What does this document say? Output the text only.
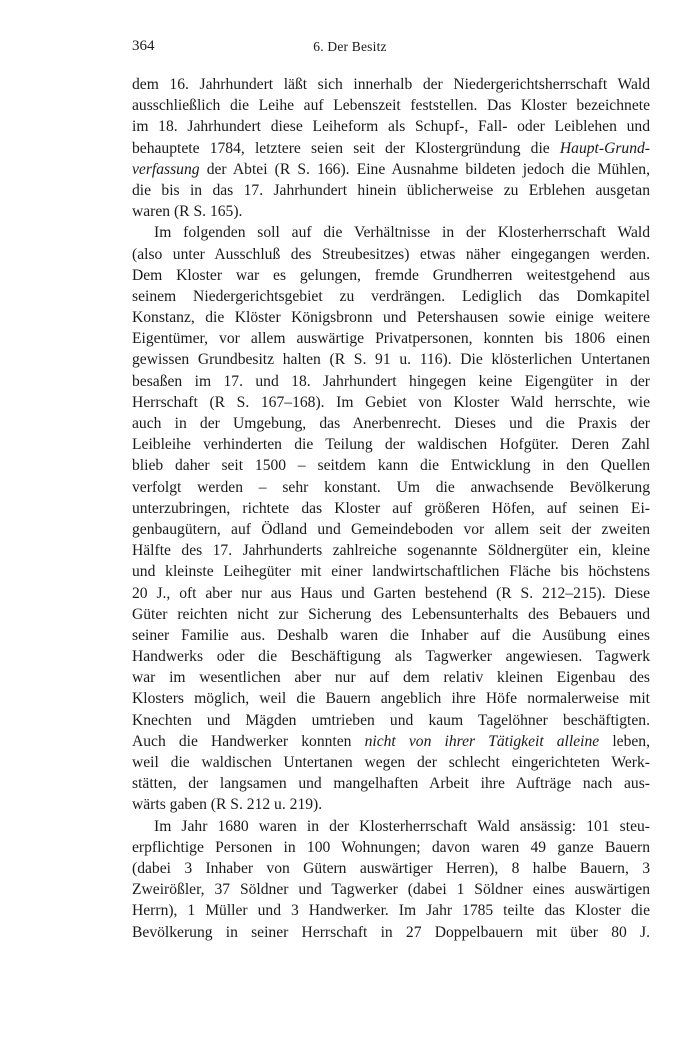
364	6. Der Besitz
dem 16. Jahrhundert läßt sich innerhalb der Niedergerichtsherrschaft Wald
ausschließlich die Leihe auf Lebenszeit feststellen. Das Kloster bezeichnete
im 18. Jahrhundert diese Leiheform als Schupf-, Fall- oder Leiblehen und
behauptete 1784, letztere seien seit der Klostergründung die Haupt-Grund-
verfassung der Abtei (R S. 166). Eine Ausnahme bildeten jedoch die Mühlen,
die bis in das 17. Jahrhundert hinein üblicherweise zu Erblehen ausgetan
waren (R S. 165).
Im folgenden soll auf die Verhältnisse in der Klosterherrschaft Wald
(also unter Ausschluß des Streubesitzes) etwas näher eingegangen werden.
Dem Kloster war es gelungen, fremde Grundherren weitestgehend aus
seinem Niedergerichtsgebiet zu verdrängen. Lediglich das Domkapitel
Konstanz, die Klöster Königsbronn und Petershausen sowie einige weitere
Eigentümer, vor allem auswärtige Privatpersonen, konnten bis 1806 einen
gewissen Grundbesitz halten (R S. 91 u. 116). Die klösterlichen Untertanen
besaßen im 17. und 18. Jahrhundert hingegen keine Eigengüter in der
Herrschaft (R S. 167–168). Im Gebiet von Kloster Wald herrschte, wie
auch in der Umgebung, das Anerbenrecht. Dieses und die Praxis der
Leibleihe verhinderten die Teilung der waldischen Hofgüter. Deren Zahl
blieb daher seit 1500 – seitdem kann die Entwicklung in den Quellen
verfolgt werden – sehr konstant. Um die anwachsende Bevölkerung
unterzubringen, richtete das Kloster auf größeren Höfen, auf seinen Ei-
genbaugütern, auf Ödland und Gemeindeboden vor allem seit der zweiten
Hälfte des 17. Jahrhunderts zahlreiche sogenannte Söldnergüter ein, kleine
und kleinste Leihegüter mit einer landwirtschaftlichen Fläche bis höchstens
20 J., oft aber nur aus Haus und Garten bestehend (R S. 212–215). Diese
Güter reichten nicht zur Sicherung des Lebensunterhalts des Bebauers und
seiner Familie aus. Deshalb waren die Inhaber auf die Ausübung eines
Handwerks oder die Beschäftigung als Tagwerker angewiesen. Tagwerk
war im wesentlichen aber nur auf dem relativ kleinen Eigenbau des
Klosters möglich, weil die Bauern angeblich ihre Höfe normalerweise mit
Knechten und Mägden umtrieben und kaum Tagelöhner beschäftigten.
Auch die Handwerker konnten nicht von ihrer Tätigkeit alleine leben,
weil die waldischen Untertanen wegen der schlecht eingerichteten Werk-
stätten, der langsamen und mangelhaften Arbeit ihre Aufträge nach aus-
wärts gaben (R S. 212 u. 219).
Im Jahr 1680 waren in der Klosterherrschaft Wald ansässig: 101 steu-
erpflichtige Personen in 100 Wohnungen; davon waren 49 ganze Bauern
(dabei 3 Inhaber von Gütern auswärtiger Herren), 8 halbe Bauern, 3
Zweirößler, 37 Söldner und Tagwerker (dabei 1 Söldner eines auswärtigen
Herrn), 1 Müller und 3 Handwerker. Im Jahr 1785 teilte das Kloster die
Bevölkerung in seiner Herrschaft in 27 Doppelbauern mit über 80 J.
